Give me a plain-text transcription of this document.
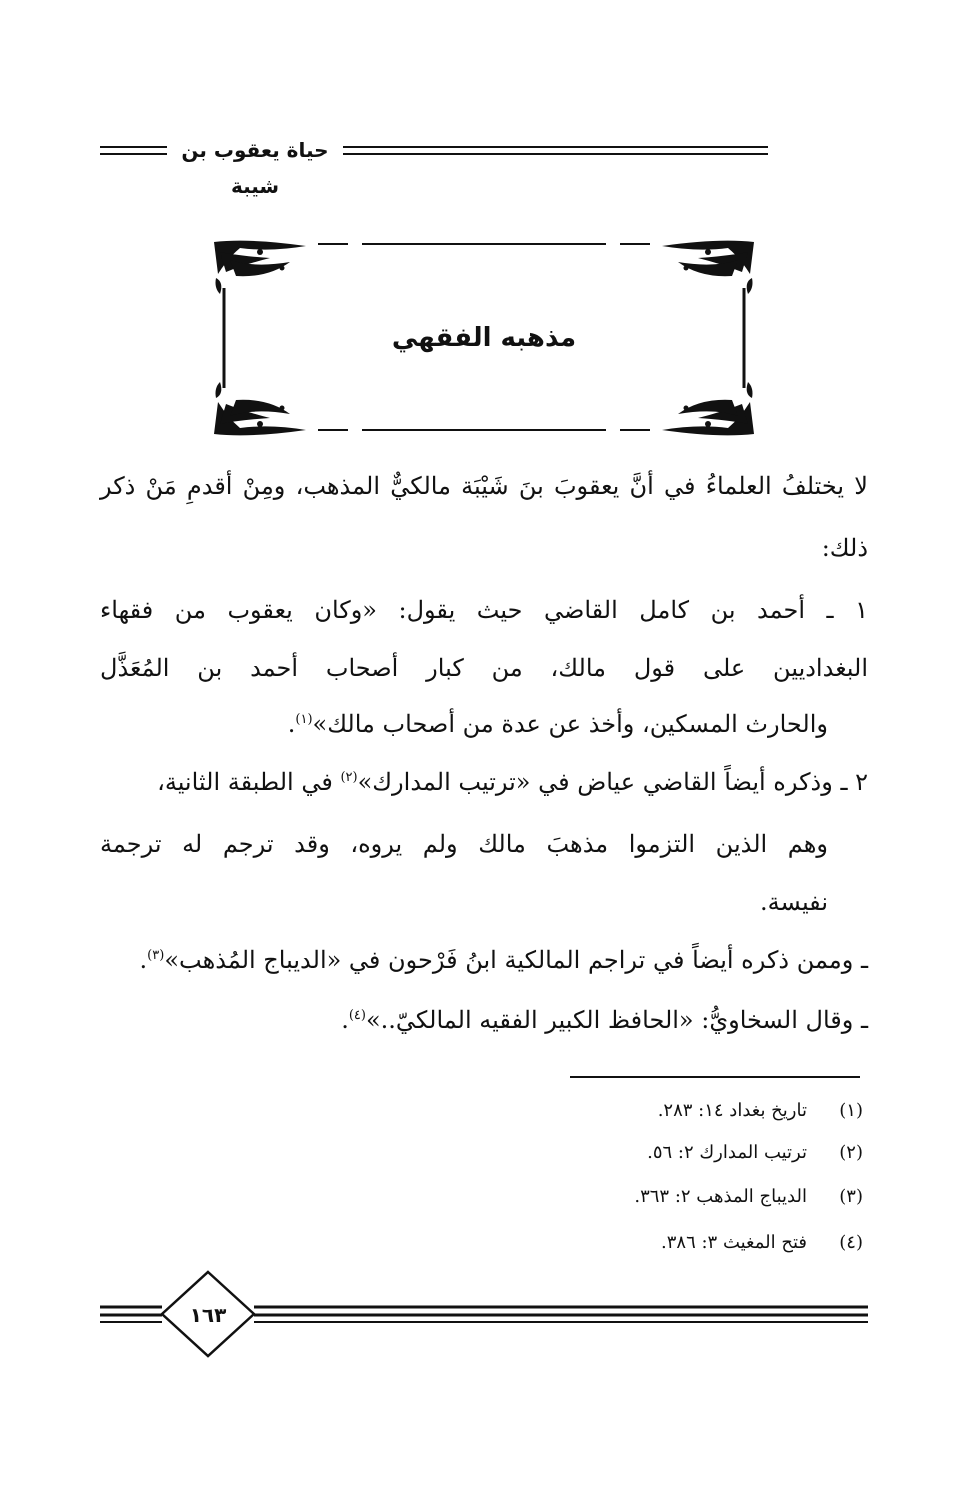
حياة يعقوب بن شيبة
مذهبه الفقهي
لا يختلفُ العلماءُ في أنَّ يعقوبَ بنَ شَيْبَة مالكيٌّ المذهب، ومِنْ أقدمِ مَنْ ذكر
ذلك:
١ ـ أحمد بن كامل القاضي حيث يقول: «وكان يعقوب من فقهاء
البغداديين على قول مالك، من كبار أصحاب أحمد بن المُعَذَّل
والحارث المسكين، وأخذ عن عدة من أصحاب مالك»$^{(١)}$.
٢ ـ وذكره أيضاً القاضي عياض في «ترتيب المدارك»$^{(٢)}$ في الطبقة الثانية،
وهم الذين التزموا مذهبَ مالك ولم يروه، وقد ترجم له ترجمة
نفيسة.
ـ وممن ذكره أيضاً في تراجم المالكية ابنُ فَرْحون في «الديباج المُذهب»$^{(٣)}$.
ـ وقال السخاويُّ: «الحافظ الكبير الفقيه المالكيّ..»$^{(٤)}$.
(١)تاريخ بغداد ١٤: ٢٨٣.
(٢)ترتيب المدارك ٢: ٥٦.
(٣)الديباج المذهب ٢: ٣٦٣.
(٤)فتح المغيث ٣: ٣٨٦.
١٦٣
